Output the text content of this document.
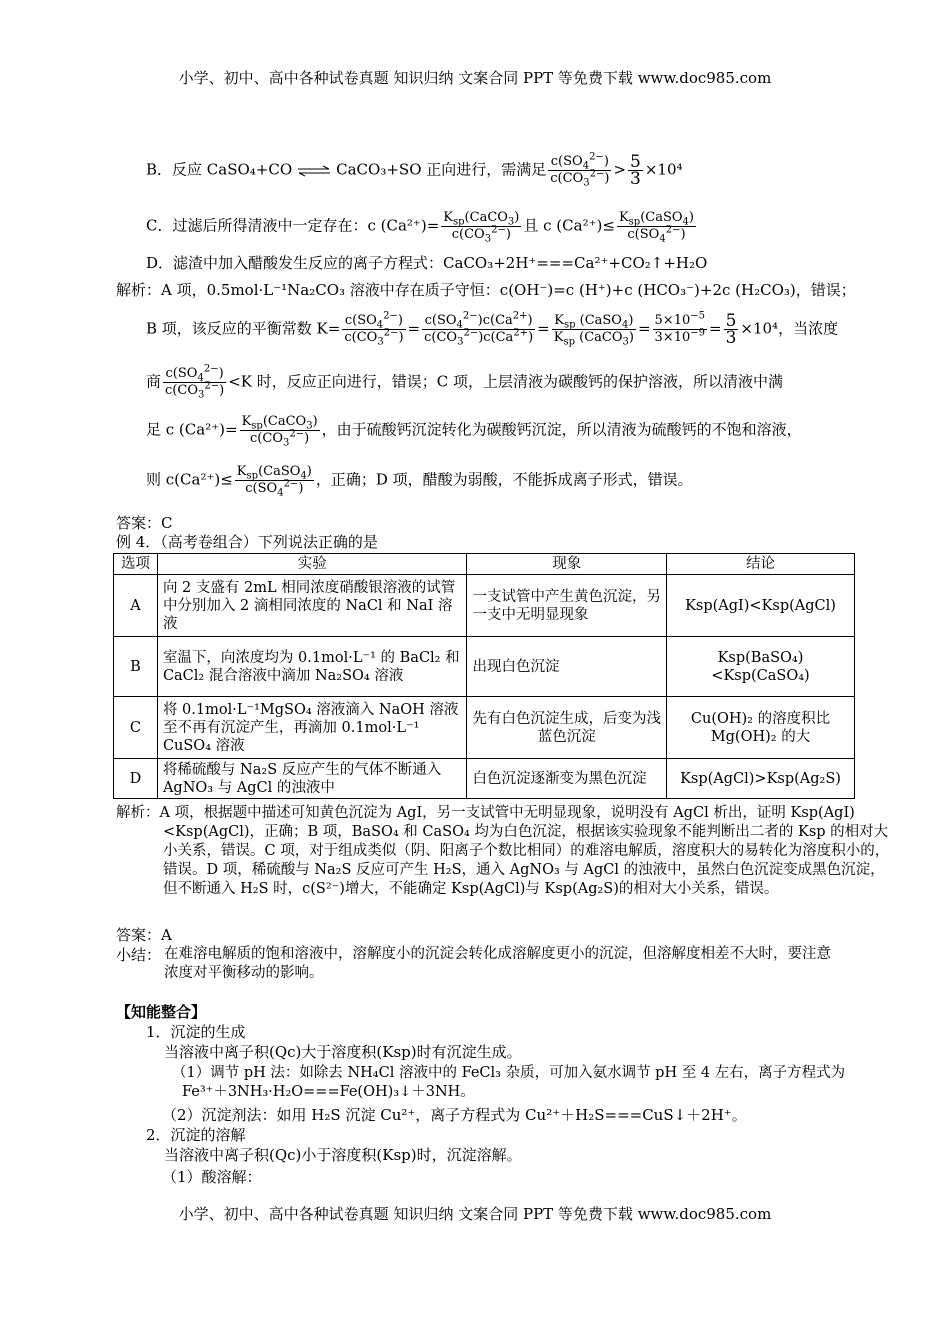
小学、初中、高中各种试卷真题 知识归纳 文案合同 PPT 等免费下载 www.doc985.com
B．反应 CaSO₄+CO ⇌ CaCO₃+SO 正向进行，需满足 $\frac{c(SO_4^{2-})}{c(CO_3^{2-})} > \frac{5}{3} \times 10^4$
C．过滤后所得清液中一定存在：c $(Ca^{2+})= \frac{K_{sp}(CaCO_3)}{c(CO_3^{2-})}$ 且 c $(Ca^{2+})\le \frac{K_{sp}(CaSO_4)}{c(SO_4^{2-})}$
D．滤渣中加入醋酸发生反应的离子方程式：CaCO₃+2H⁺===Ca²⁺+CO₂↑+H₂O
解析：A 项，0.5mol·L⁻¹Na₂CO₃ 溶液中存在质子守恒：c(OH⁻)=c (H⁺)+c (HCO₃⁻)+2c (H₂CO₃)，错误；
B 项，该反应的平衡常数 $K= \frac{c(SO_4^{2-})}{c(CO_3^{2-})} = \frac{c(SO_4^{2-})c(Ca^{2+})}{c(CO_3^{2-})c(Ca^{2+})} = \frac{K_{sp} (CaSO_4)}{K_{sp} (CaCO_3)} = \frac{5\times 10^{-5}}{3\times 10^{-9}} = \frac{5}{3} \times 10^4$，当浓度
商 $\frac{c(SO_4^{2-})}{c(CO_3^{2-})} <K$ 时，反应正向进行，错误；C 项，上层清液为碳酸钙的保护溶液，所以清液中满
足 c $(Ca^{2+})= \frac{K_{sp}(CaCO_3)}{c(CO_3^{2-})}$ ，由于硫酸钙沉淀转化为碳酸钙沉淀，所以清液为硫酸钙的不饱和溶液，
则 $c(Ca^{2+})\le \frac{K_{sp}(CaSO_4)}{c(SO_4^{2-})}$ ，正确；D 项，醋酸为弱酸，不能拆成离子形式，错误。
答案：C
例 4．（高考卷组合）下列说法正确的是
选项	实验	现象	结论
A	向 2 支盛有 2mL 相同浓度硝酸银溶液的试管中分别加入 2 滴相同浓度的 NaCl 和 NaI 溶液	一支试管中产生黄色沉淀，另一支中无明显现象	Ksp(AgI)<Ksp(AgCl)
B	室温下，向浓度均为 0.1mol·L⁻¹ 的 BaCl₂ 和 CaCl₂ 混合溶液中滴加 Na₂SO₄ 溶液	出现白色沉淀	Ksp(BaSO₄)<Ksp(CaSO₄)
C	将 0.1mol·L⁻¹MgSO₄ 溶液滴入 NaOH 溶液至不再有沉淀产生，再滴加 0.1mol·L⁻¹ CuSO₄ 溶液	先有白色沉淀生成，后变为浅蓝色沉淀	Cu(OH)₂ 的溶度积比 Mg(OH)₂ 的大
D	将稀硫酸与 Na₂S 反应产生的气体不断通入 AgNO₃ 与 AgCl 的浊液中	白色沉淀逐渐变为黑色沉淀	Ksp(AgCl)>Ksp(Ag₂S)
解析：A 项，根据题中描述可知黄色沉淀为 AgI，另一支试管中无明显现象，说明没有 AgCl 析出，证明 Ksp(AgI)<Ksp(AgCl)，正确；B 项，BaSO₄ 和 CaSO₄ 均为白色沉淀，根据该实验现象不能判断出二者的 Ksp 的相对大小关系，错误。C 项，对于组成类似（阴、阳离子个数比相同）的难溶电解质，溶度积大的易转化为溶度积小的，错误。D 项，稀硫酸与 Na₂S 反应可产生 H₂S，通入 AgNO₃ 与 AgCl 的浊液中，虽然白色沉淀变成黑色沉淀，但不断通入 H₂S 时，c(S²⁻)增大，不能确定 Ksp(AgCl)与 Ksp(Ag₂S)的相对大小关系，错误。
答案：A
小结： 在难溶电解质的饱和溶液中，溶解度小的沉淀会转化成溶解度更小的沉淀，但溶解度相差不大时，要注意浓度对平衡移动的影响。
【知能整合】
1．沉淀的生成
当溶液中离子积(Qc)大于溶度积(Ksp)时有沉淀生成。
（1）调节 pH 法：如除去 NH₄Cl 溶液中的 FeCl₃ 杂质，可加入氨水调节 pH 至 4 左右，离子方程式为 Fe³⁺＋3NH₃·H₂O===Fe(OH)₃↓＋3NH。
（2）沉淀剂法：如用 H₂S 沉淀 Cu²⁺，离子方程式为 Cu²⁺＋H₂S===CuS↓＋2H⁺。
2．沉淀的溶解
当溶液中离子积(Qc)小于溶度积(Ksp)时，沉淀溶解。
（1）酸溶解：
小学、初中、高中各种试卷真题 知识归纳 文案合同 PPT 等免费下载 www.doc985.com
